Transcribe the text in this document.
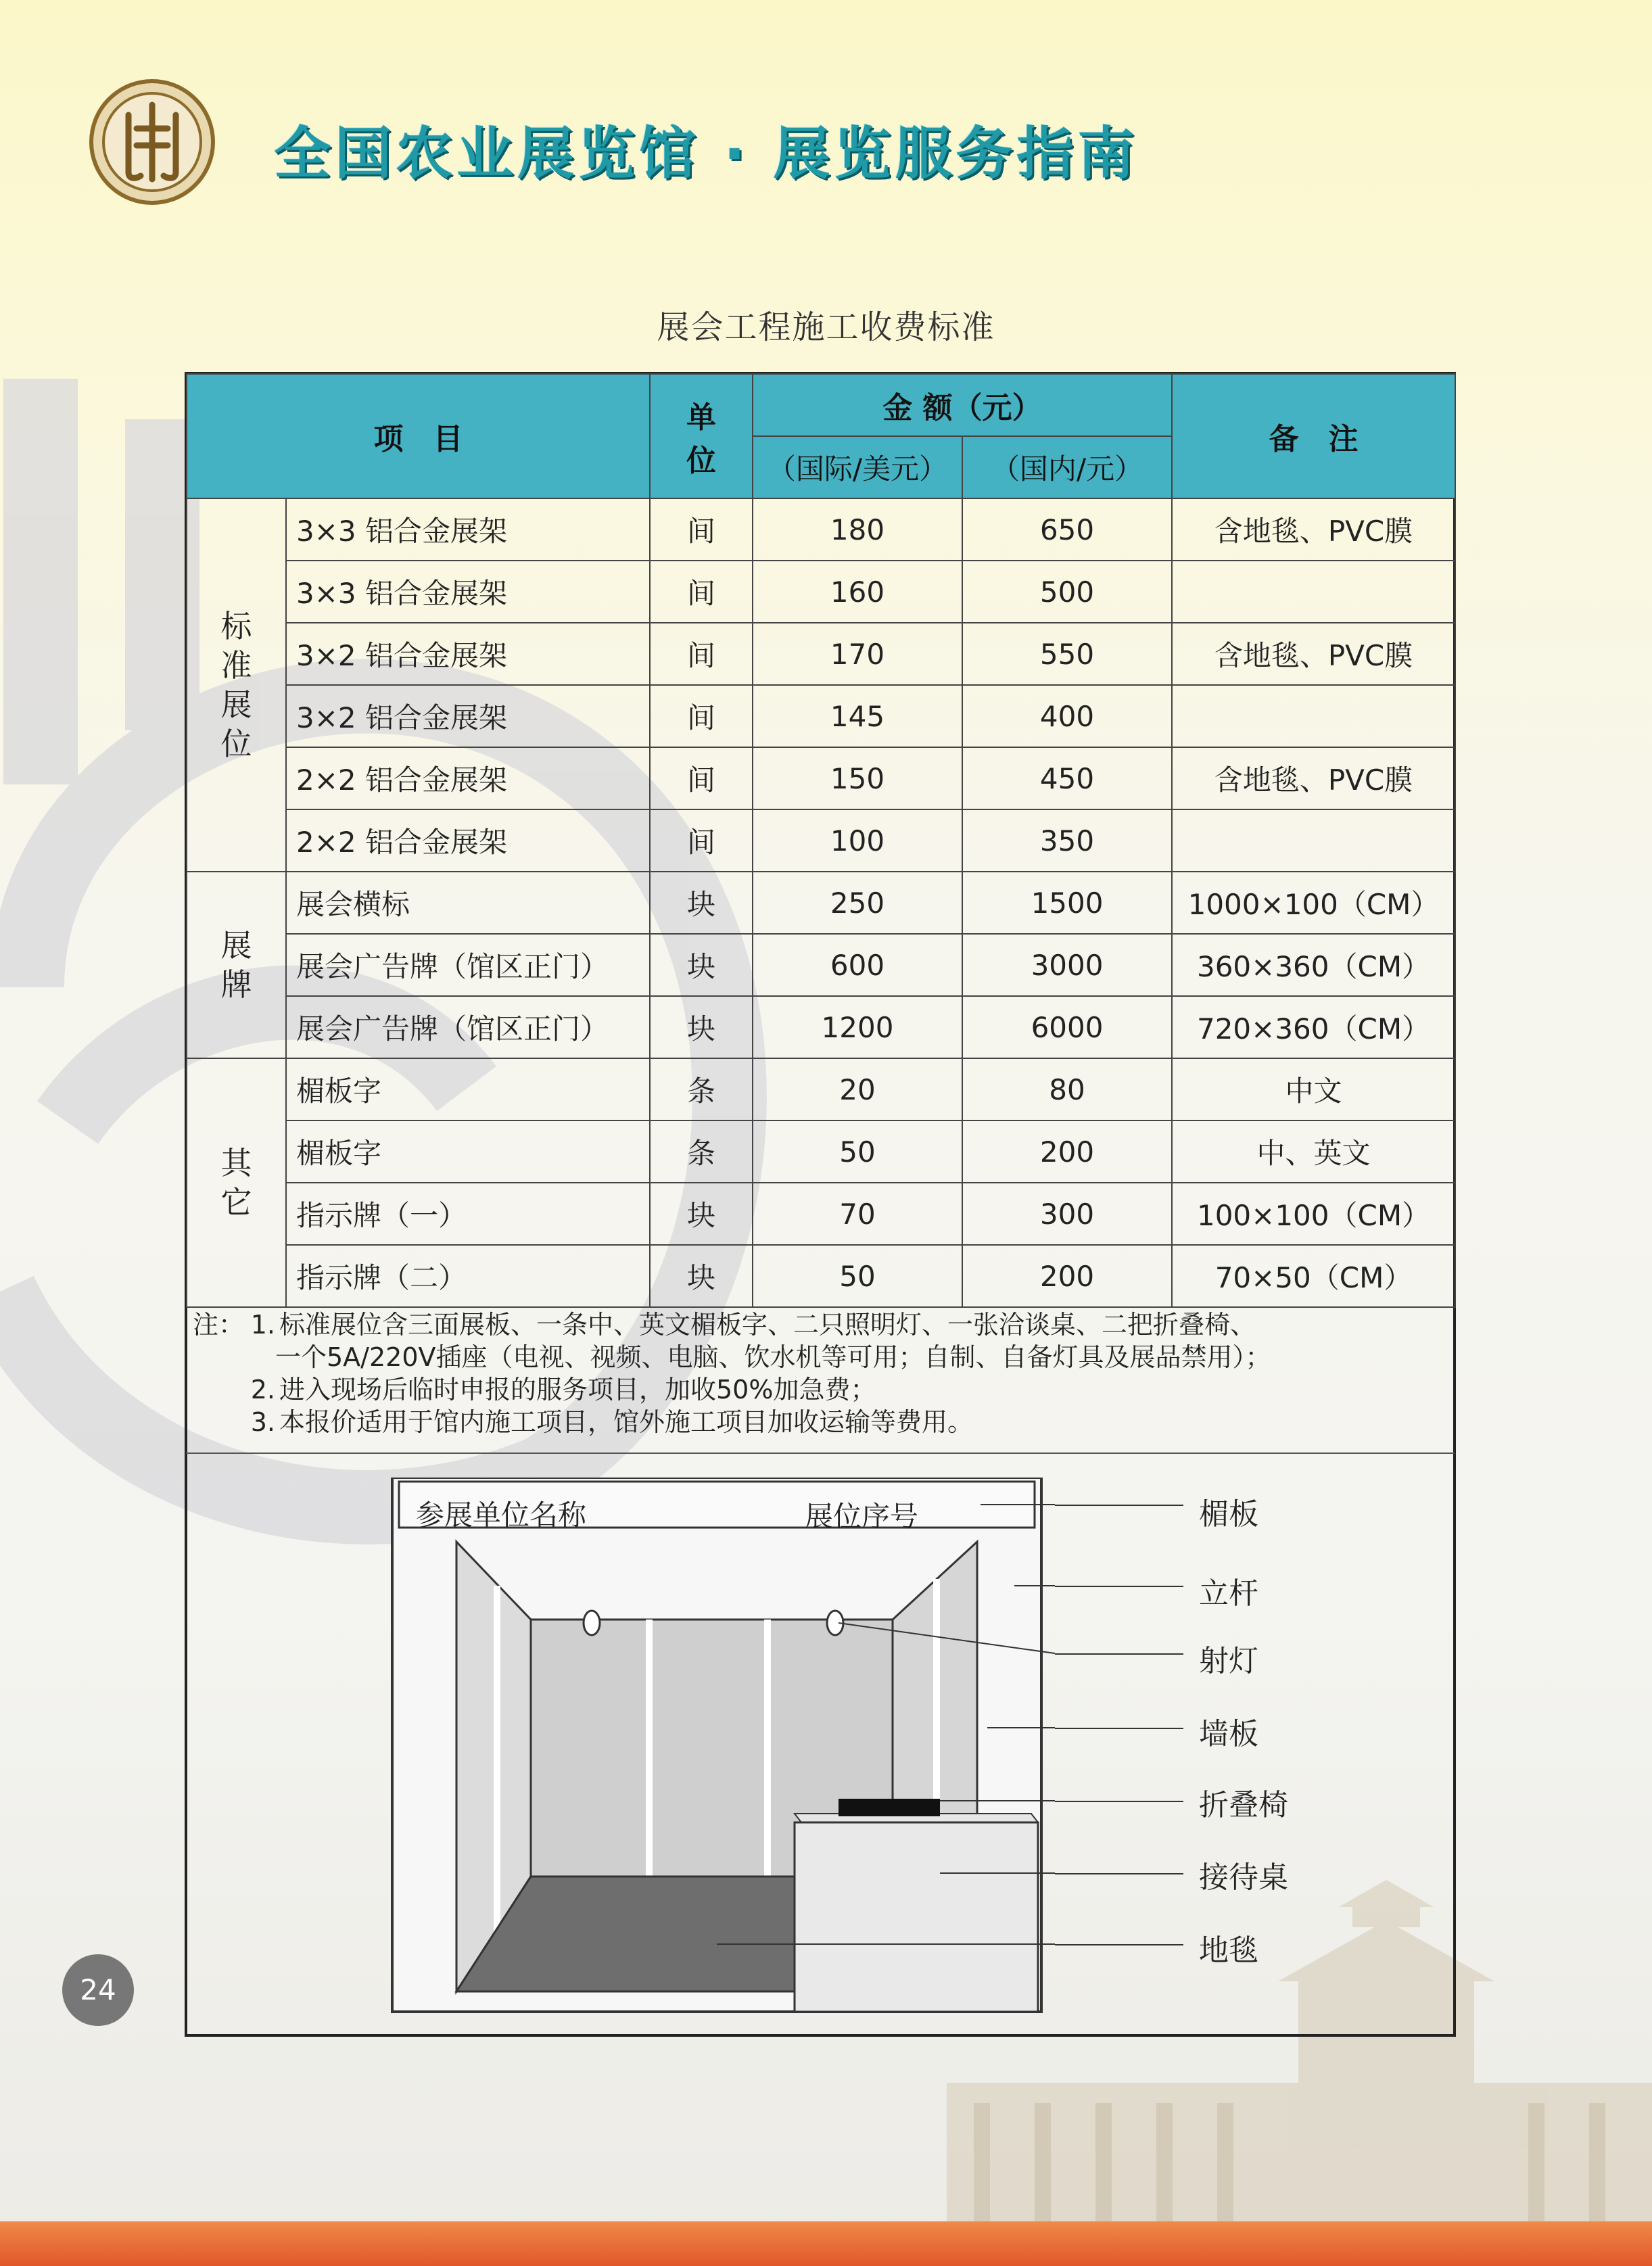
全国农业展览馆 · 展览服务指南
展会工程施工收费标准
项　目		单位	金 额（元）		备　注
			（国际/美元）	（国内/元）	
标准展位	3×3 铝合金展架	间	180	650	含地毯、PVC膜
	3×3 铝合金展架	间	160	500	
	3×2 铝合金展架	间	170	550	含地毯、PVC膜
	3×2 铝合金展架	间	145	400	
	2×2 铝合金展架	间	150	450	含地毯、PVC膜
	2×2 铝合金展架	间	100	350	
展牌	展会横标	块	250	1500	1000×100（CM）
	展会广告牌（馆区正门）	块	600	3000	360×360（CM）
	展会广告牌（馆区正门）	块	1200	6000	720×360（CM）
其它	楣板字	条	20	80	中文
	楣板字	条	50	200	中、英文
	指示牌（一）	块	70	300	100×100（CM）
	指示牌（二）	块	50	200	70×50（CM）
注： 1. 标准展位含三面展板、一条中、英文楣板字、二只照明灯、一张洽谈桌、二把折叠椅、
一个5A/220V插座（电视、视频、电脑、饮水机等可用；自制、自备灯具及展品禁用）；
2. 进入现场后临时申报的服务项目，加收50%加急费；
3. 本报价适用于馆内施工项目，馆外施工项目加收运输等费用。
参展单位名称	展位序号	楣板
立杆
射灯
墙板
折叠椅
接待桌
地毯
24
